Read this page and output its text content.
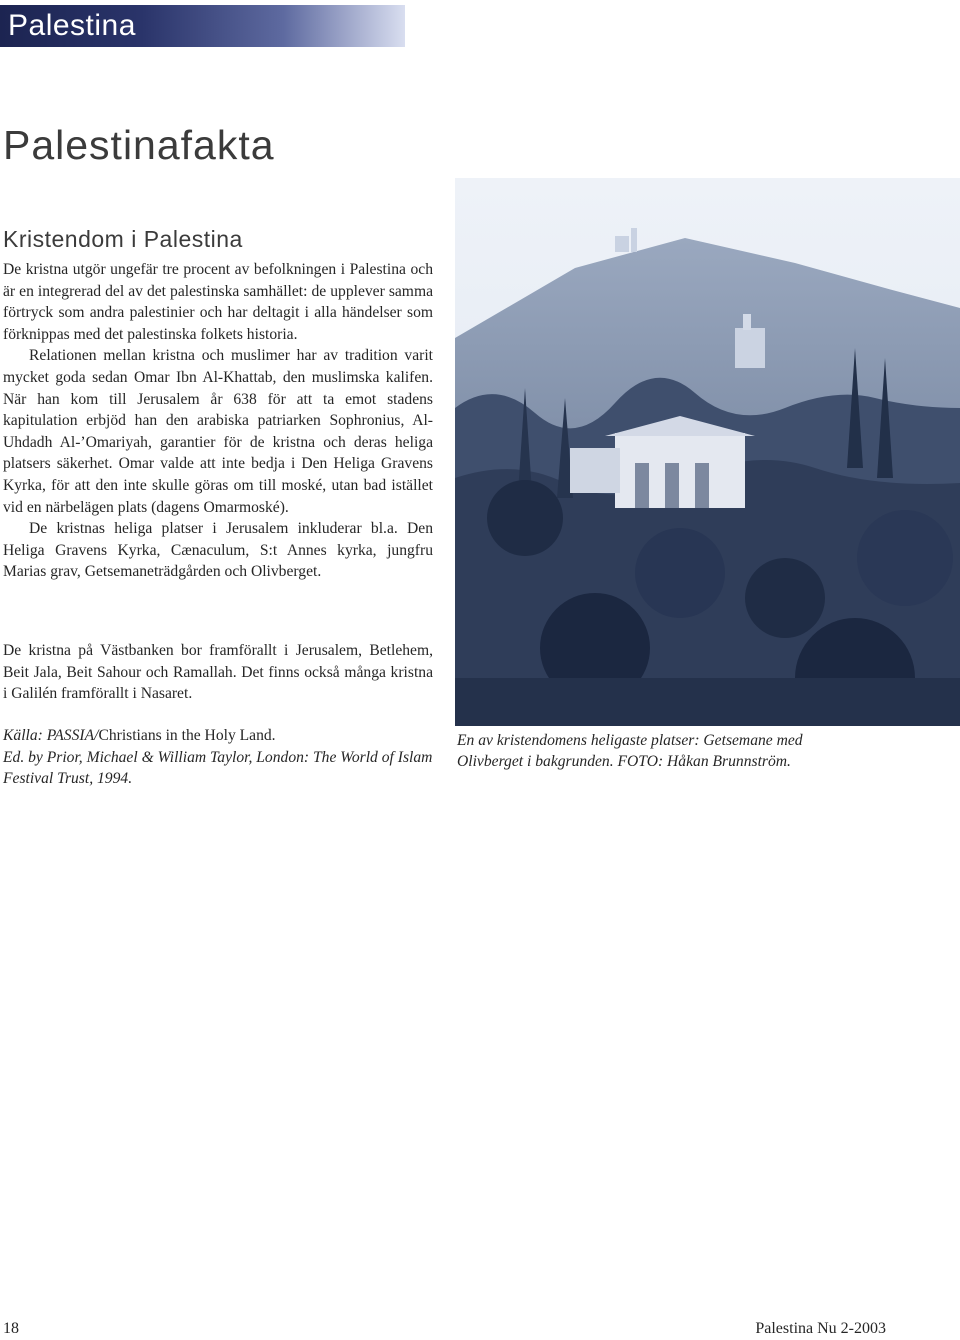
Palestina
Palestinafakta
Kristendom i Palestina

De kristna utgör ungefär tre procent av befolkningen i Palestina och är en integrerad del av det palestinska samhället: de upplever samma förtryck som andra palestinier och har deltagit i alla händelser som förknippas med det palestinska folkets historia.

Relationen mellan kristna och muslimer har av tradition varit mycket goda sedan Omar Ibn Al-Khattab, den muslimska kalifen. När han kom till Jerusalem år 638 för att ta emot stadens kapitulation erbjöd han den arabiska patriarken Sophronius, Al-Uhdadh Al-’Omariyah, garantier för de kristna och deras heliga platsers säkerhet. Omar valde att inte bedja i Den Heliga Gravens Kyrka, för att den inte skulle göras om till moské, utan bad istället vid en närbelägen plats (dagens Omarmoské).

De kristnas heliga platser i Jerusalem inkluderar bl.a. Den Heliga Gravens Kyrka, Cænaculum, S:t Annes kyrka, jungfru Marias grav, Getsemaneträdgården och Olivberget.

De kristna på Västbanken bor framförallt i Jerusalem, Betlehem, Beit Jala, Beit Sahour och Ramallah. Det finns också många kristna i Galilén framförallt i Nasaret.

Källa: PASSIA/Christians in the Holy Land.

Ed. by Prior, Michael & William Taylor, London: The World of Islam Festival Trust, 1994.

En av kristendomens heligaste platser: Getsemane med Olivberget i bakgrunden. FOTO: Håkan Brunnström.

18	Palestina Nu 2-2003
